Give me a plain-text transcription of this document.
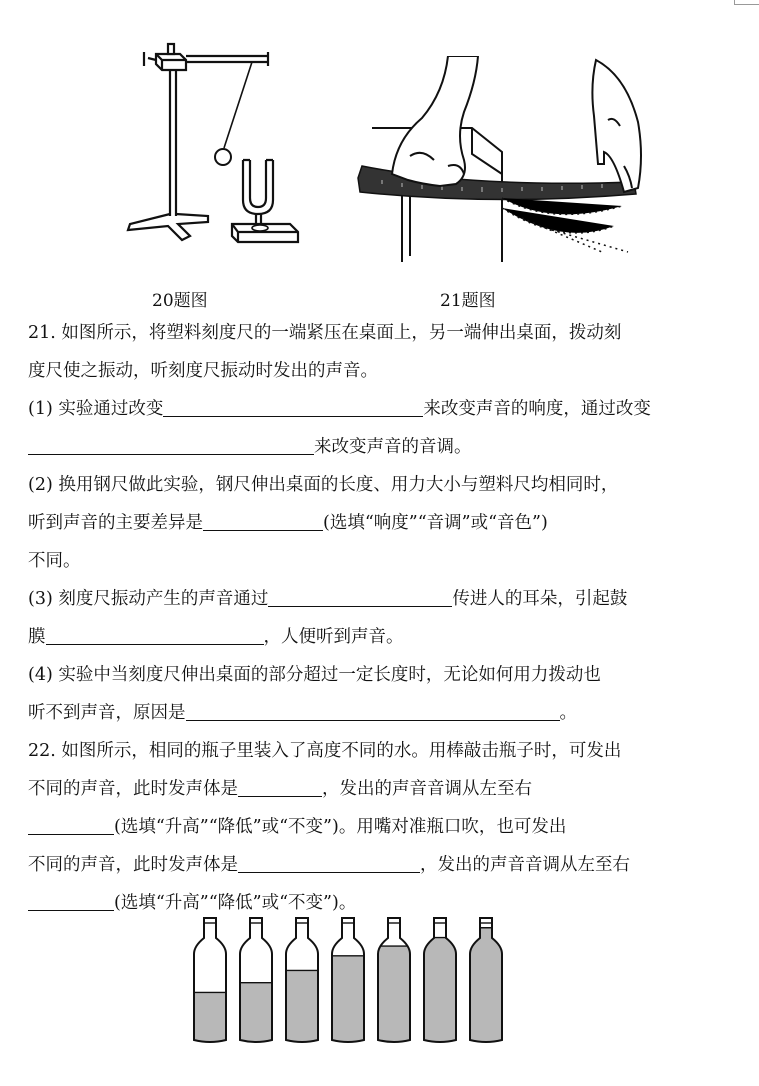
20题图	21题图
21. 如图所示，将塑料刻度尺的一端紧压在桌面上，另一端伸出桌面，拨动刻
度尺使之振动，听刻度尺振动时发出的声音。
(1) 实验通过改变	来改变声音的响度，通过改变
来改变声音的音调。
(2) 换用钢尺做此实验，钢尺伸出桌面的长度、用力大小与塑料尺均相同时，
听到声音的主要差异是	(选填“响度”“音调”或“音色”)
不同。
(3) 刻度尺振动产生的声音通过	传进人的耳朵，引起鼓
膜	，人便听到声音。
(4) 实验中当刻度尺伸出桌面的部分超过一定长度时，无论如何用力拨动也
听不到声音，原因是	。
22. 如图所示，相同的瓶子里装入了高度不同的水。用棒敲击瓶子时，可发出
不同的声音，此时发声体是	，发出的声音音调从左至右
(选填“升高”“降低”或“不变”)。用嘴对准瓶口吹，也可发出
不同的声音，此时发声体是	，发出的声音音调从左至右
(选填“升高”“降低”或“不变”)。
